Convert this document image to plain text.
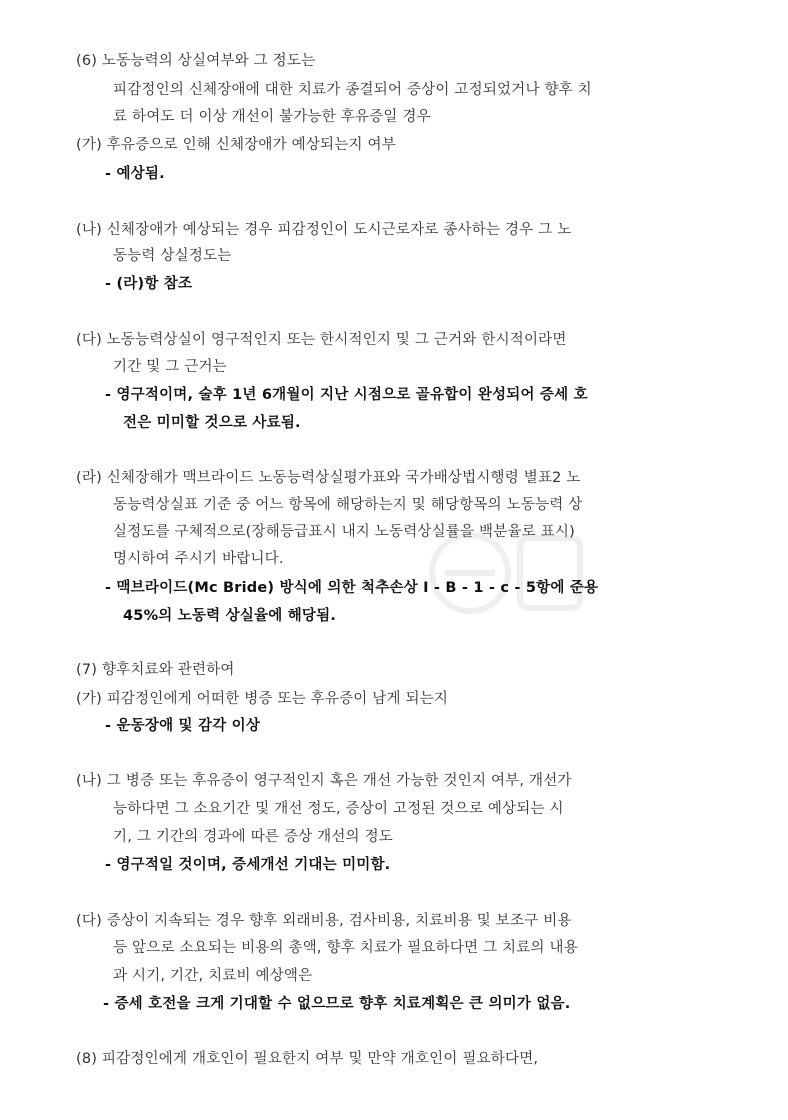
(6) 노동능력의 상실여부와 그 정도는
피감정인의 신체장애에 대한 치료가 종결되어 증상이 고정되었거나 향후 치
료 하여도 더 이상 개선이 불가능한 후유증일 경우
(가) 후유증으로 인해 신체장애가 예상되는지 여부
- 예상됨.
(나) 신체장애가 예상되는 경우 피감정인이 도시근로자로 종사하는 경우 그 노
동능력 상실정도는
- (라)항 참조
(다) 노동능력상실이 영구적인지 또는 한시적인지 및 그 근거와 한시적이라면
기간 및 그 근거는
- 영구적이며, 술후 1년 6개월이 지난 시점으로 골유합이 완성되어 증세 호
전은 미미할 것으로 사료됨.
(라) 신체장해가 맥브라이드 노동능력상실평가표와 국가배상법시행령 별표2 노
동능력상실표 기준 중 어느 항목에 해당하는지 및 해당항목의 노동능력 상
실정도를 구체적으로(장해등급표시 내지 노동력상실률을 백분율로 표시)
명시하여 주시기 바랍니다.
- 맥브라이드(Mc Bride) 방식에 의한 척추손상 I - B - 1 - c - 5항에 준용
45%의 노동력 상실율에 해당됨.
(7) 향후치료와 관련하여
(가) 피감정인에게 어떠한 병증 또는 후유증이 남게 되는지
- 운동장애 및 감각 이상
(나) 그 병증 또는 후유증이 영구적인지 혹은 개선 가능한 것인지 여부, 개선가
능하다면 그 소요기간 및 개선 정도, 증상이 고정된 것으로 예상되는 시
기, 그 기간의 경과에 따른 증상 개선의 정도
- 영구적일 것이며, 증세개선 기대는 미미함.
(다) 증상이 지속되는 경우 향후 외래비용, 검사비용, 치료비용 및 보조구 비용
등 앞으로 소요되는 비용의 총액, 향후 치료가 필요하다면 그 치료의 내용
과 시기, 기간, 치료비 예상액은
- 증세 호전을 크게 기대할 수 없으므로 향후 치료계획은 큰 의미가 없음.
(8) 피감정인에게 개호인이 필요한지 여부 및 만약 개호인이 필요하다면,
